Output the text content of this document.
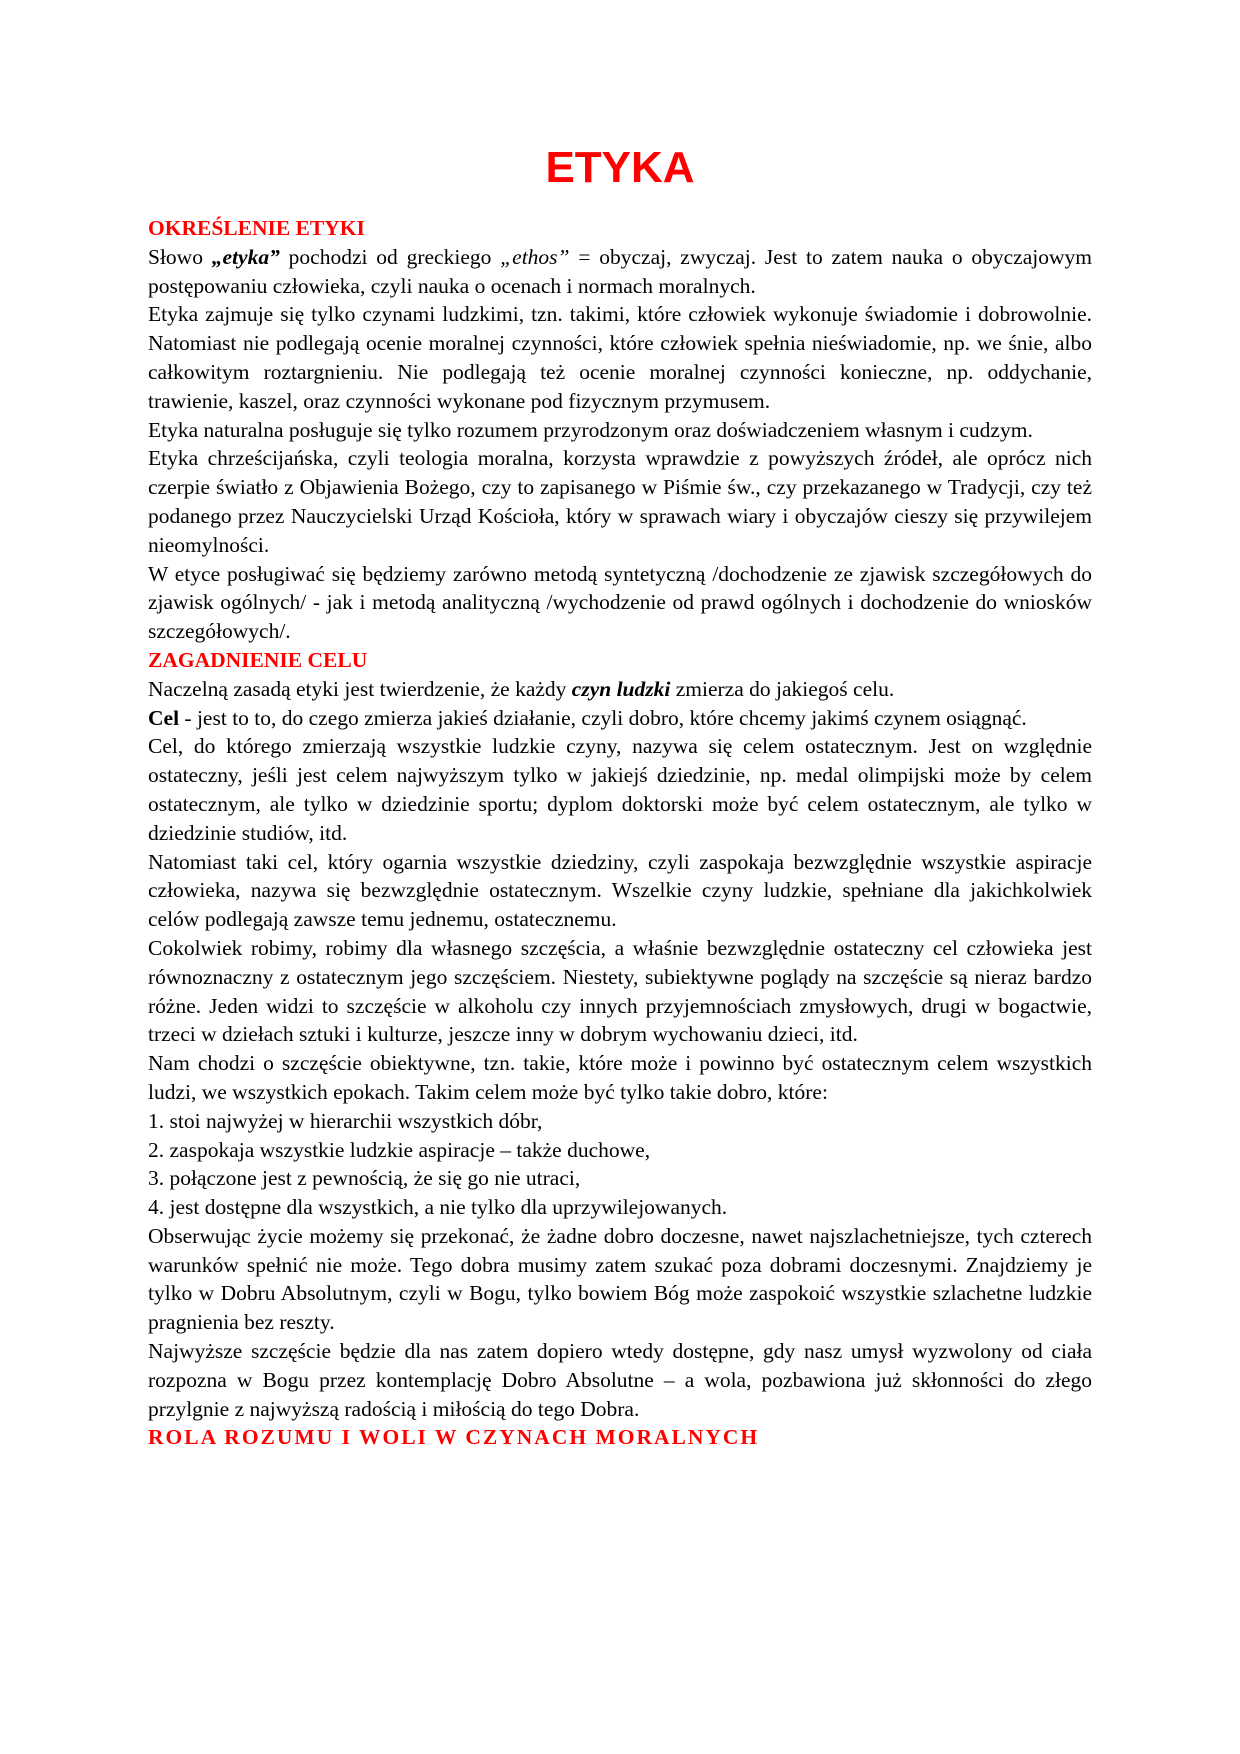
ETYKA
OKREŚLENIE ETYKI

Słowo „etyka” pochodzi od greckiego „ethos” = obyczaj, zwyczaj. Jest to zatem nauka o obyczajowym postępowaniu człowieka, czyli nauka o ocenach i normach moralnych.

Etyka zajmuje się tylko czynami ludzkimi, tzn. takimi, które człowiek wykonuje świadomie i dobrowolnie. Natomiast nie podlegają ocenie moralnej czynności, które człowiek spełnia nieświadomie, np. we śnie, albo całkowitym roztargnieniu. Nie podlegają też ocenie moralnej czynności konieczne, np. oddychanie, trawienie, kaszel, oraz czynności wykonane pod fizycznym przymusem.

Etyka naturalna posługuje się tylko rozumem przyrodzonym oraz doświadczeniem własnym i cudzym.

Etyka chrześcijańska, czyli teologia moralna, korzysta wprawdzie z powyższych źródeł, ale oprócz nich czerpie światło z Objawienia Bożego, czy to zapisanego w Piśmie św., czy przekazanego w Tradycji, czy też podanego przez Nauczycielski Urząd Kościoła, który w sprawach wiary i obyczajów cieszy się przywilejem nieomylności.

W etyce posługiwać się będziemy zarówno metodą syntetyczną /dochodzenie ze zjawisk szczegółowych do zjawisk ogólnych/ - jak i metodą analityczną /wychodzenie od prawd ogólnych i dochodzenie do wniosków szczegółowych/.

ZAGADNIENIE CELU

Naczelną zasadą etyki jest twierdzenie, że każdy czyn ludzki zmierza do jakiegoś celu.

Cel - jest to to, do czego zmierza jakieś działanie, czyli dobro, które chcemy jakimś czynem osiągnąć.

Cel, do którego zmierzają wszystkie ludzkie czyny, nazywa się celem ostatecznym. Jest on względnie ostateczny, jeśli jest celem najwyższym tylko w jakiejś dziedzinie, np. medal olimpijski może by celem ostatecznym, ale tylko w dziedzinie sportu; dyplom doktorski może być celem ostatecznym, ale tylko w dziedzinie studiów, itd.

Natomiast taki cel, który ogarnia wszystkie dziedziny, czyli zaspokaja bezwzględnie wszystkie aspiracje człowieka, nazywa się bezwzględnie ostatecznym. Wszelkie czyny ludzkie, spełniane dla jakichkolwiek celów podlegają zawsze temu jednemu, ostatecznemu.

Cokolwiek robimy, robimy dla własnego szczęścia, a właśnie bezwzględnie ostateczny cel człowieka jest równoznaczny z ostatecznym jego szczęściem. Niestety, subiektywne poglądy na szczęście są nieraz bardzo różne. Jeden widzi to szczęście w alkoholu czy innych przyjemnościach zmysłowych, drugi w bogactwie, trzeci w dziełach sztuki i kulturze, jeszcze inny w dobrym wychowaniu dzieci, itd.

Nam chodzi o szczęście obiektywne, tzn. takie, które może i powinno być ostatecznym celem wszystkich ludzi, we wszystkich epokach. Takim celem może być tylko takie dobro, które:

1. stoi najwyżej w hierarchii wszystkich dóbr,
2. zaspokaja wszystkie ludzkie aspiracje – także duchowe,
3. połączone jest z pewnością, że się go nie utraci,
4. jest dostępne dla wszystkich, a nie tylko dla uprzywilejowanych.

Obserwując życie możemy się przekonać, że żadne dobro doczesne, nawet najszlachetniejsze, tych czterech warunków spełnić nie może. Tego dobra musimy zatem szukać poza dobrami doczesnymi. Znajdziemy je tylko w Dobru Absolutnym, czyli w Bogu, tylko bowiem Bóg może zaspokoić wszystkie szlachetne ludzkie pragnienia bez reszty.

Najwyższe szczęście będzie dla nas zatem dopiero wtedy dostępne, gdy nasz umysł wyzwolony od ciała rozpozna w Bogu przez kontemplację Dobro Absolutne – a wola, pozbawiona już skłonności do złego przylgnie z najwyższą radością i miłością do tego Dobra.

ROLA ROZUMU I WOLI W CZYNACH MORALNYCH
